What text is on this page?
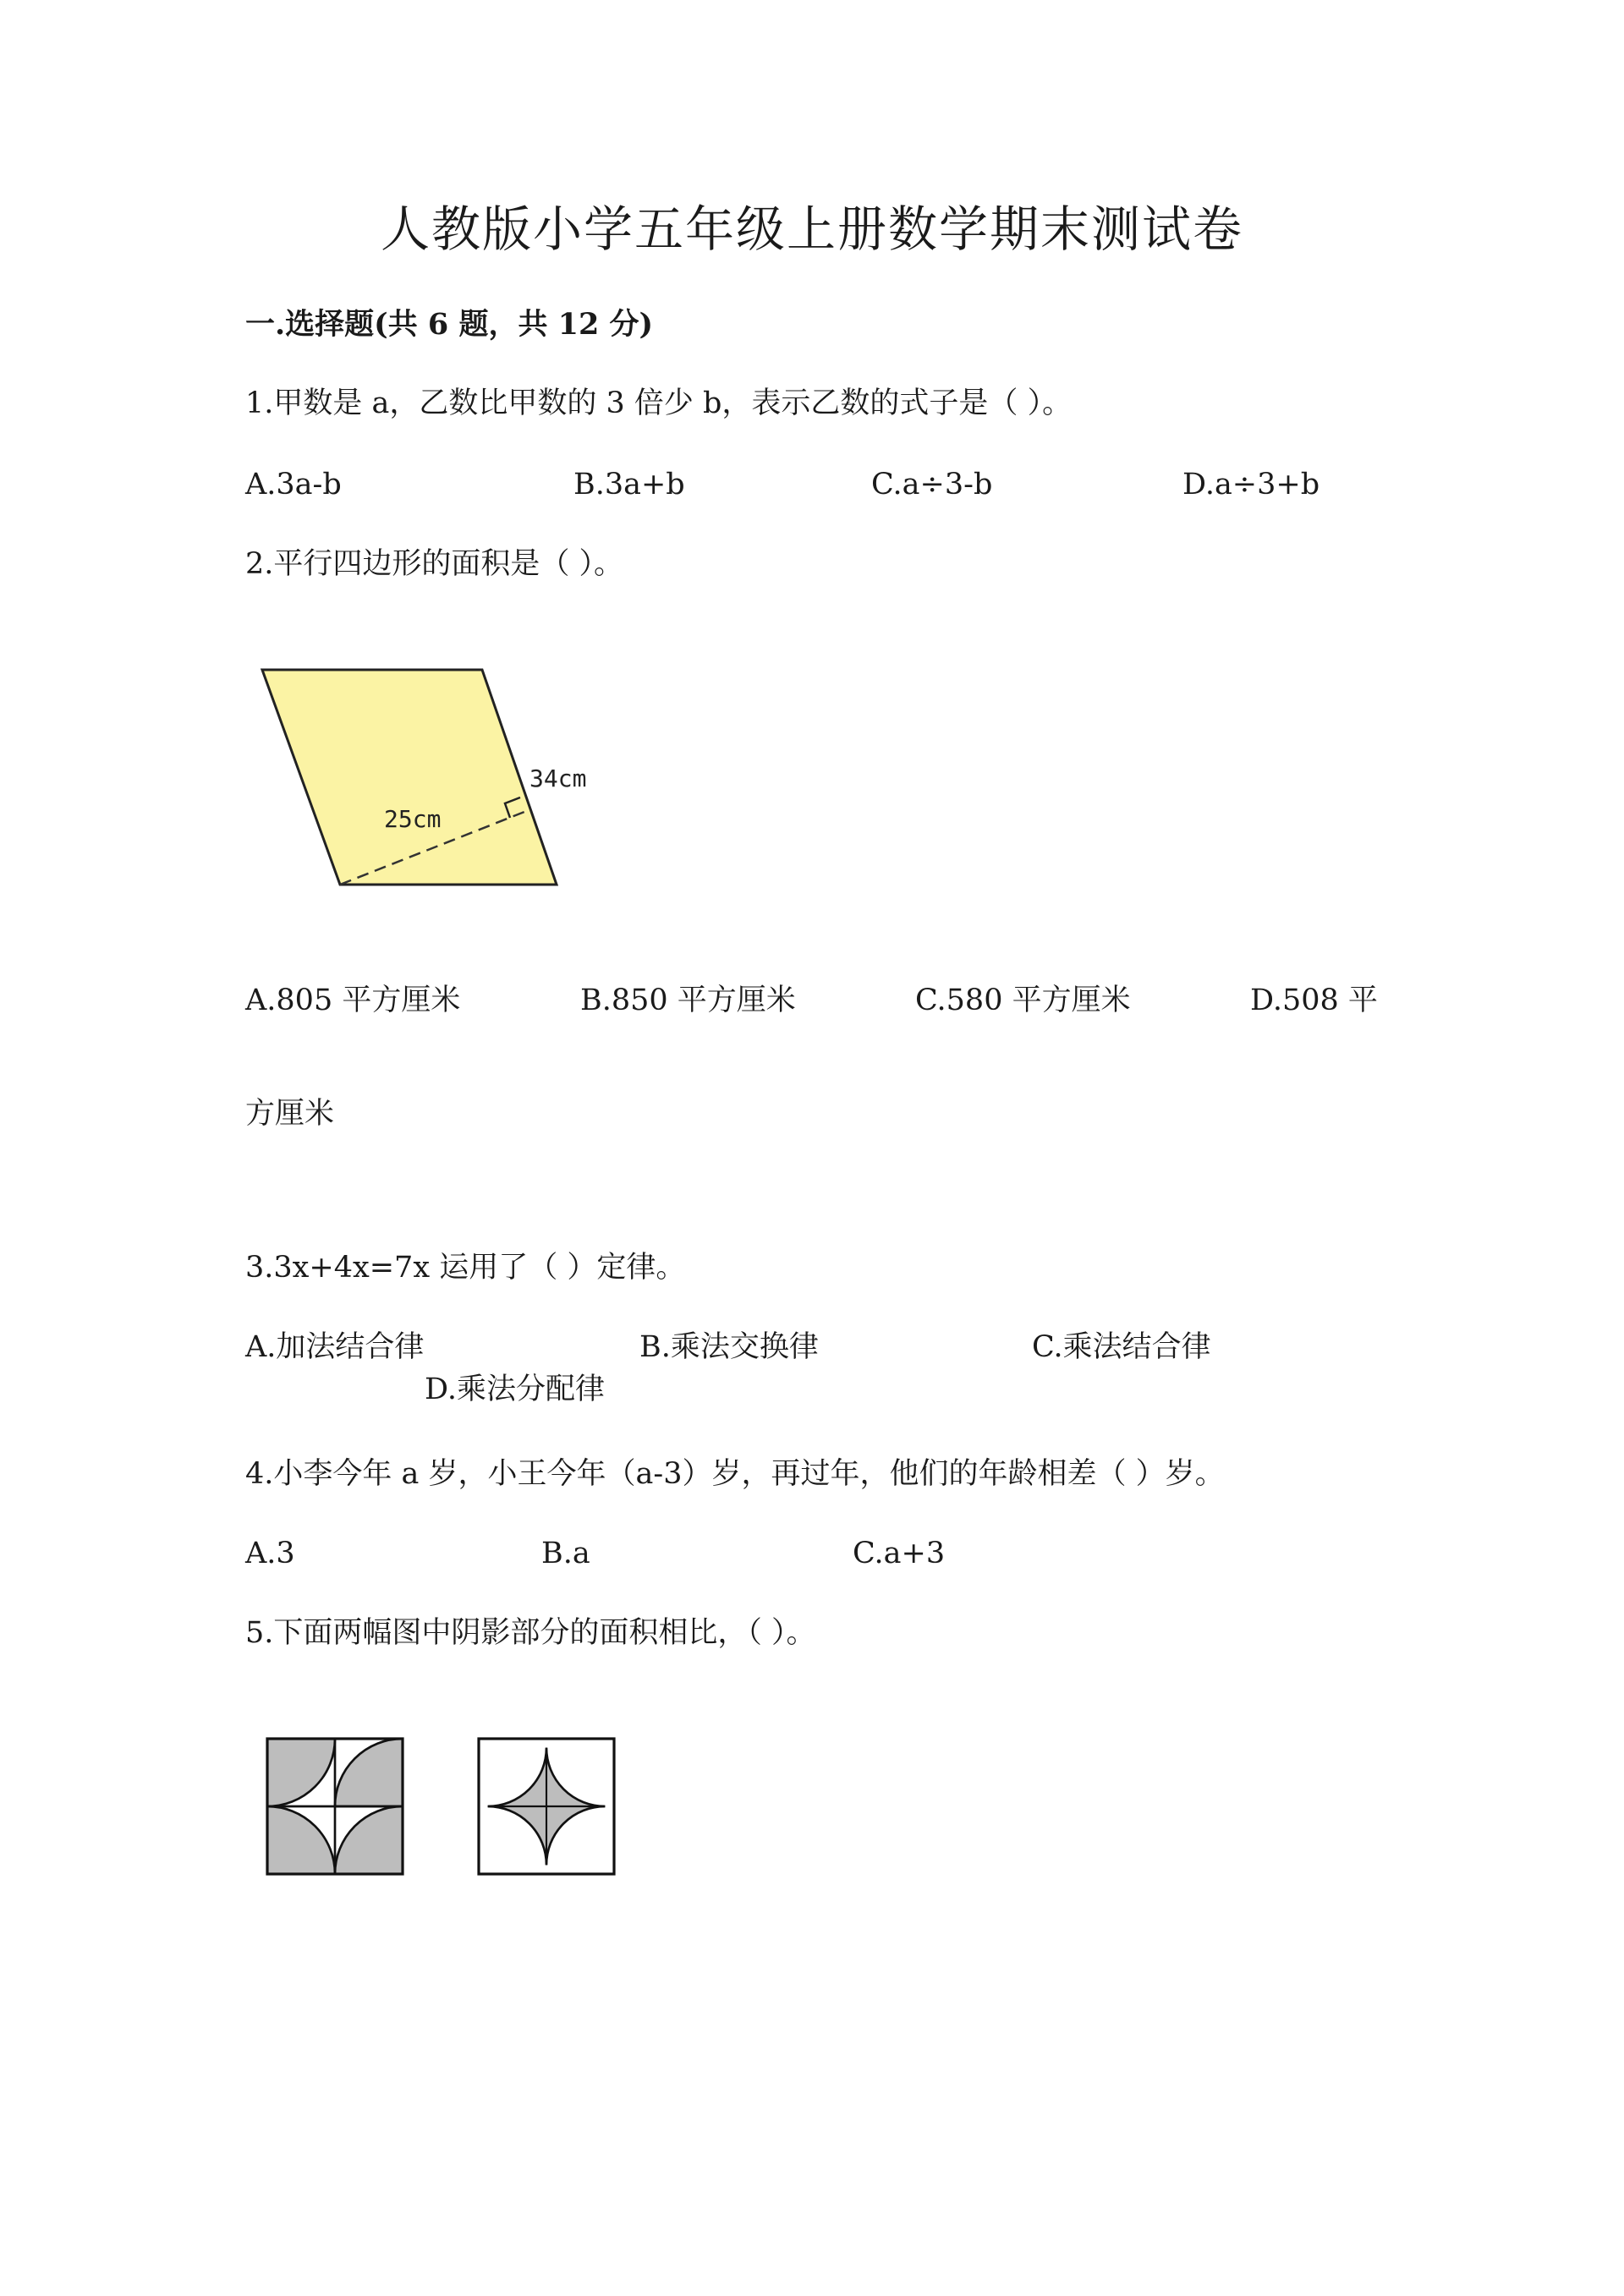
人教版小学五年级上册数学期末测试卷
一.选择题(共 6 题，共 12 分)
1.甲数是 a，乙数比甲数的 3 倍少 b，表示乙数的式子是（ ）。
A.3a-b	B.3a+b	C.a÷3-b	D.a÷3+b
2.平行四边形的面积是（ ）。
34cm
25cm
A.805 平方厘米	B.850 平方厘米	C.580 平方厘米	D.508 平
方厘米
3.3x+4x=7x 运用了（ ）定律。
A.加法结合律	B.乘法交换律	C.乘法结合律
D.乘法分配律
4.小李今年 a 岁，小王今年（a-3）岁，再过年，他们的年龄相差（ ）岁。
A.3	B.a	C.a+3
5.下面两幅图中阴影部分的面积相比，（ ）。
